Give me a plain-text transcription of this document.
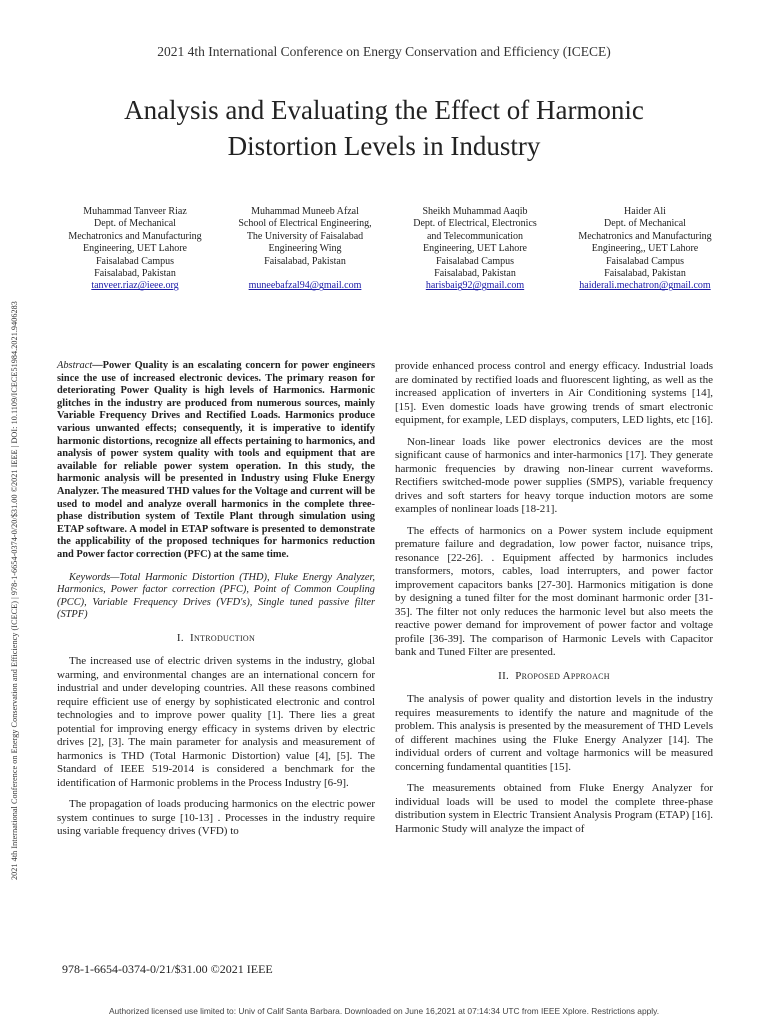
2021 4th International Conference on Energy Conservation and Efficiency (ICECE) | 978-1-6654-0374-0/20/$31.00 ©2021 IEEE | DOI: 10.1109/ICECE51984.2021.9406283
2021 4th International Conference on Energy Conservation and Efficiency (ICECE)
Analysis and Evaluating the Effect of Harmonic
Distortion Levels in Industry
Muhammad Tanveer Riaz
Dept. of Mechanical
Mechatronics and Manufacturing
Engineering, UET Lahore
Faisalabad Campus
Faisalabad, Pakistan
tanveer.riaz@ieee.org
Muhammad Muneeb Afzal
School of Electrical Engineering,
The University of Faisalabad
Engineering Wing
Faisalabad, Pakistan

muneebafzal94@gmail.com
Sheikh Muhammad Aaqib
Dept. of Electrical, Electronics
and Telecommunication
Engineering, UET Lahore
Faisalabad Campus
Faisalabad, Pakistan
harisbaig92@gmail.com
Haider Ali
Dept. of Mechanical
Mechatronics and Manufacturing
Engineering,, UET Lahore
Faisalabad Campus
Faisalabad, Pakistan
haiderali.mechatron@gmail.com

Abstract—Power Quality is an escalating concern for power engineers since the use of increased electronic devices. The primary reason for deteriorating Power Quality is high levels of Harmonics. Harmonic glitches in the industry are produced from numerous sources, mainly Variable Frequency Drives and Rectified Loads. Harmonics produce various unwanted effects; consequently, it is imperative to identify harmonic distortions, recognize all effects pertaining to harmonics, and analysis of power system quality with tools and equipment that are available for reliable power system operation. In this study, the harmonic analysis will be presented in Industry using Fluke Energy Analyzer. The measured THD values for the Voltage and current will be used to model and analyze overall harmonics in the complete three-phase distribution system of Textile Plant through simulation using ETAP software. A model in ETAP software is presented to demonstrate the applicability of the proposed techniques for harmonics reduction and Power factor correction (PFC) at the same time.

Keywords—Total Harmonic Distortion (THD), Fluke Energy Analyzer, Harmonics, Power factor correction (PFC), Point of Common Coupling (PCC), Variable Frequency Drives (VFD's), Single tuned passive filter (STPF)

I. Introduction

The increased use of electric driven systems in the industry, global warming, and environmental changes are an international concern for industrial and under developing countries. All these reasons combined require efficient use of energy by sophisticated electronic and control technologies and to improve power quality [1]. There lies a great potential for improving energy efficacy in systems driven by electric drives [2], [3]. The main parameter for analysis and measurement of harmonics is THD (Total Harmonic Distortion) value [4], [5]. The Standard of IEEE 519-2014 is considered a benchmark for the identification of Harmonic problems in the Process Industry [6-9].

The propagation of loads producing harmonics on the electric power system continues to surge [10-13] . Processes in the industry require using variable frequency drives (VFD) to

provide enhanced process control and energy efficacy. Industrial loads are dominated by rectified loads and fluorescent lighting, as well as the increased application of inverters in Air Conditioning systems [14], [15]. Even domestic loads have growing trends of smart electronic equipment, for example, LED displays, computers, LED lights, etc [16].

Non-linear loads like power electronics devices are the most significant cause of harmonics and inter-harmonics [17]. They generate harmonic frequencies by drawing non-linear current waveforms. Rectifiers switched-mode power supplies (SMPS), variable frequency drives and soft starters for heavy torque induction motors are some examples of nonlinear loads [18-21].

The effects of harmonics on a Power system include equipment premature failure and degradation, low power factor, nuisance trips, resonance [22-26]. . Equipment affected by harmonics includes transformers, motors, cables, load interrupters, and power factor improvement capacitors banks [27-30]. Harmonics mitigation is done by designing a tuned filter for the most dominant harmonic order [31-35]. The filter not only reduces the harmonic level but also meets the reactive power demand for improvement of power factor and voltage profile [36-39]. The comparison of Harmonic Levels with Capacitor bank and Tuned Filter are presented.

II. Proposed Approach

The analysis of power quality and distortion levels in the industry requires measurements to identify the nature and magnitude of the problem. This analysis is presented by the measurement of THD Levels of different machines using the Fluke Energy Analyzer [14]. The individual orders of current and voltage harmonics will be measured concerning fundamental quantities [15].

The measurements obtained from Fluke Energy Analyzer for individual loads will be used to model the complete three-phase distribution system in Electric Transient Analysis Program (ETAP) [16]. Harmonic Study will analyze the impact of

978-1-6654-0374-0/21/$31.00 ©2021 IEEE
Authorized licensed use limited to: Univ of Calif Santa Barbara. Downloaded on June 16,2021 at 07:14:34 UTC from IEEE Xplore. Restrictions apply.
